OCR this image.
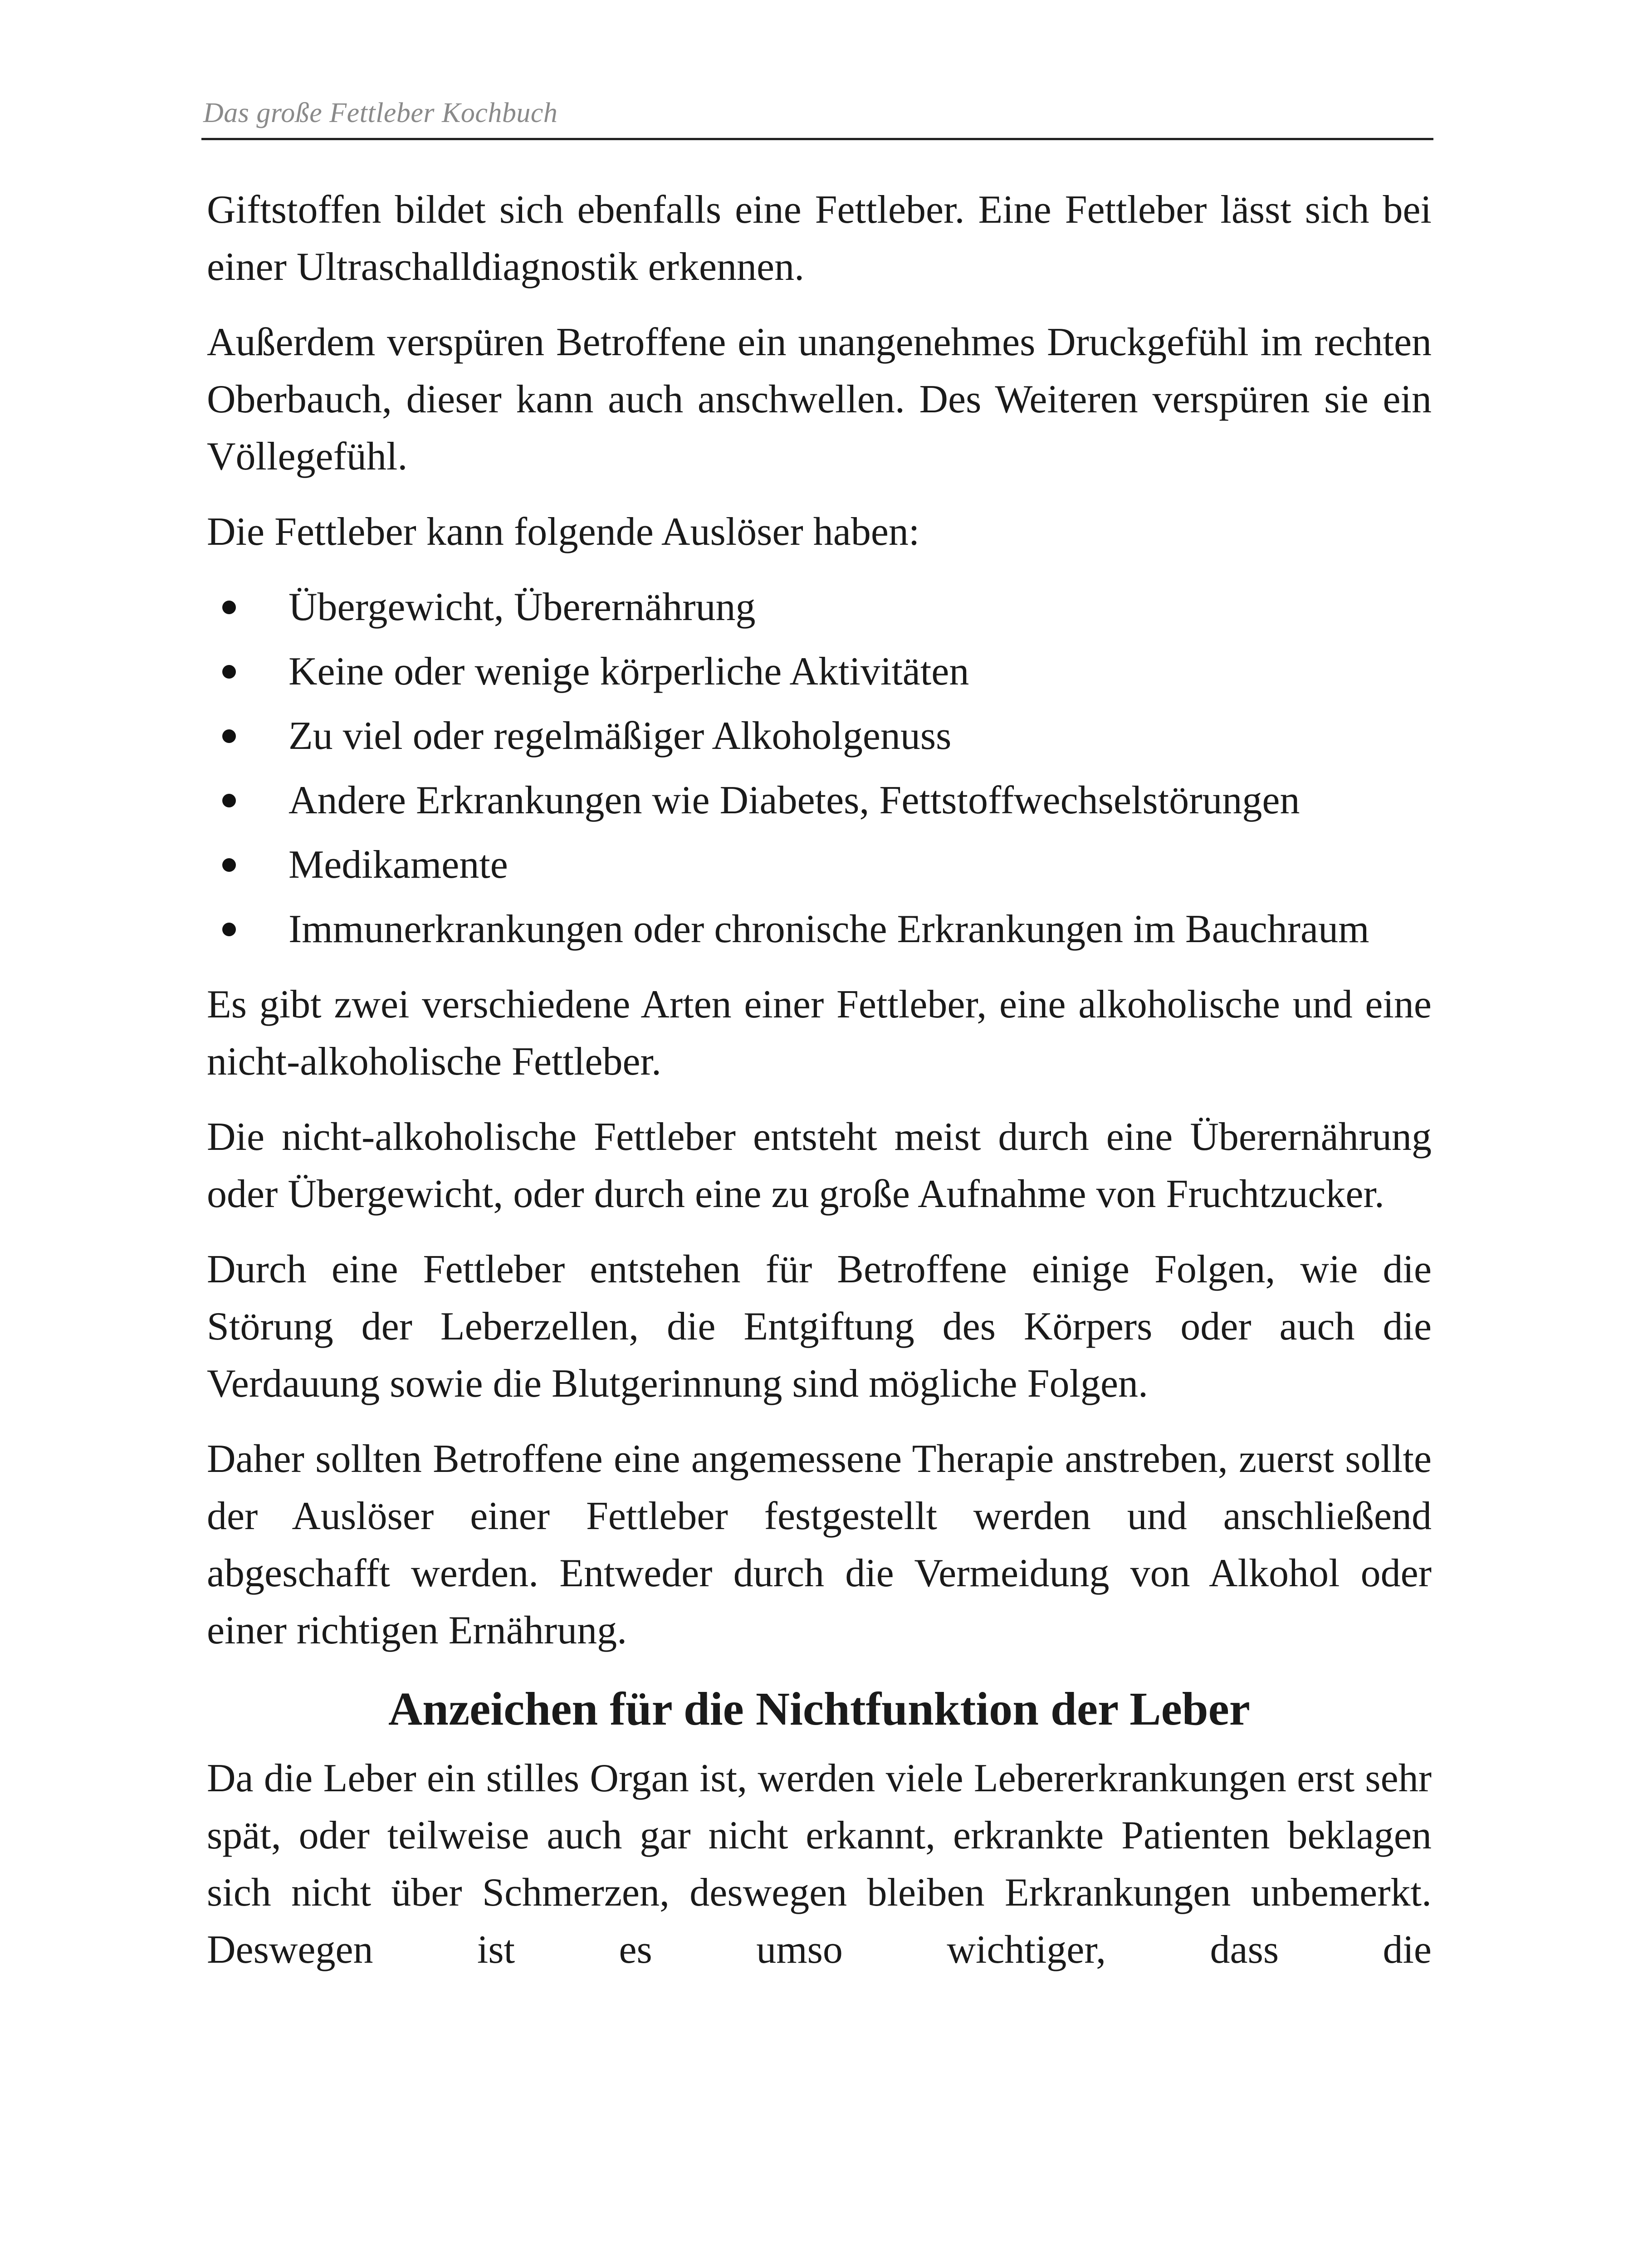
Das große Fettleber Kochbuch

Giftstoffen bildet sich ebenfalls eine Fettleber. Eine Fettleber lässt sich bei einer Ultraschalldiagnostik erkennen.

Außerdem verspüren Betroffene ein unangenehmes Druckgefühl im rechten Oberbauch, dieser kann auch anschwellen. Des Weiteren verspüren sie ein Völlegefühl.

Die Fettleber kann folgende Auslöser haben:

Übergewicht, Überernährung
Keine oder wenige körperliche Aktivitäten
Zu viel oder regelmäßiger Alkoholgenuss
Andere Erkrankungen wie Diabetes, Fettstoffwechselstörungen
Medikamente
Immunerkrankungen oder chronische Erkrankungen im Bauchraum

Es gibt zwei verschiedene Arten einer Fettleber, eine alkoholische und eine nicht-alkoholische Fettleber.

Die nicht-alkoholische Fettleber entsteht meist durch eine Überernährung oder Übergewicht, oder durch eine zu große Aufnahme von Fruchtzucker.

Durch eine Fettleber entstehen für Betroffene einige Folgen, wie die Störung der Leberzellen, die Entgiftung des Körpers oder auch die Verdauung sowie die Blutgerinnung sind mögliche Folgen.

Daher sollten Betroffene eine angemessene Therapie anstreben, zuerst sollte der Auslöser einer Fettleber festgestellt werden und anschließend abgeschafft werden. Entweder durch die Vermeidung von Alkohol oder einer richtigen Ernährung.

Anzeichen für die Nichtfunktion der Leber

Da die Leber ein stilles Organ ist, werden viele Lebererkrankungen erst sehr spät, oder teilweise auch gar nicht erkannt, erkrankte Patienten beklagen sich nicht über Schmerzen, deswegen bleiben Erkrankungen unbemerkt. Deswegen ist es umso wichtiger, dass die
